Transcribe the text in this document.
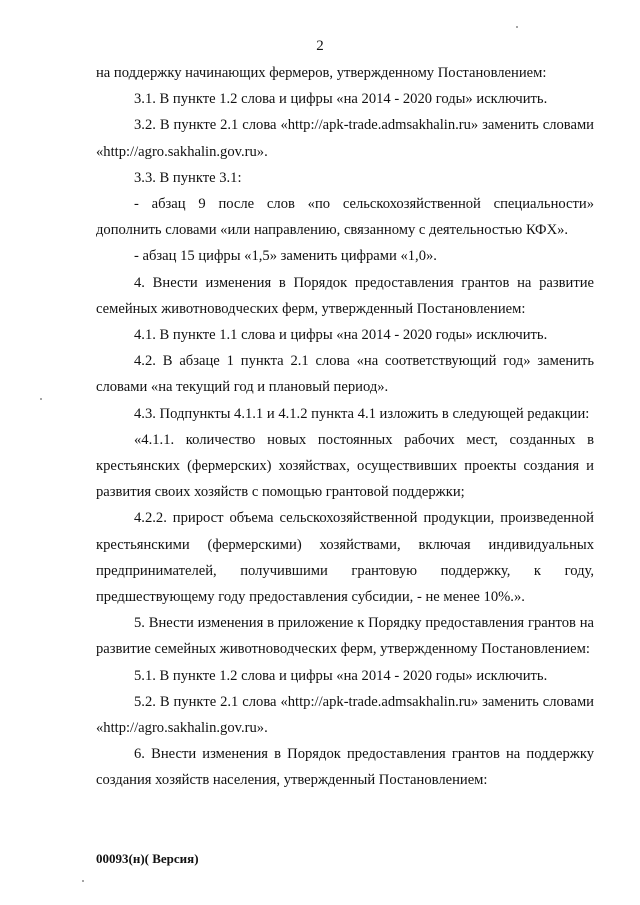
2

на поддержку начинающих фермеров, утвержденному Постановлением:

3.1. В пункте 1.2 слова и цифры «на 2014 - 2020 годы» исключить.

3.2. В пункте 2.1 слова «http://apk-trade.admsakhalin.ru» заменить словами «http://agro.sakhalin.gov.ru».

3.3. В пункте 3.1:

- абзац 9 после слов «по сельскохозяйственной специальности» дополнить словами «или направлению, связанному с деятельностью КФХ».

- абзац 15 цифры «1,5» заменить цифрами «1,0».

4. Внести изменения в Порядок предоставления грантов на развитие семейных животноводческих ферм, утвержденный Постановлением:

4.1. В пункте 1.1 слова и цифры «на 2014 - 2020 годы» исключить.

4.2. В абзаце 1 пункта 2.1 слова «на соответствующий год» заменить словами «на текущий год и плановый период».

4.3. Подпункты 4.1.1 и 4.1.2 пункта 4.1 изложить в следующей редакции:

«4.1.1. количество новых постоянных рабочих мест, созданных в крестьянских (фермерских) хозяйствах, осуществивших проекты создания и развития своих хозяйств с помощью грантовой поддержки;

4.2.2. прирост объема сельскохозяйственной продукции, произведенной крестьянскими (фермерскими) хозяйствами, включая индивидуальных предпринимателей, получившими грантовую поддержку, к году, предшествующему году предоставления субсидии, - не менее 10%.».

5. Внести изменения в приложение к Порядку предоставления грантов на развитие семейных животноводческих ферм, утвержденному Постановлением:

5.1. В пункте 1.2 слова и цифры «на 2014 - 2020 годы» исключить.

5.2. В пункте 2.1 слова «http://apk-trade.admsakhalin.ru» заменить словами «http://agro.sakhalin.gov.ru».

6. Внести изменения в Порядок предоставления грантов на поддержку создания хозяйств населения, утвержденный Постановлением:

00093(н)( Версия)
